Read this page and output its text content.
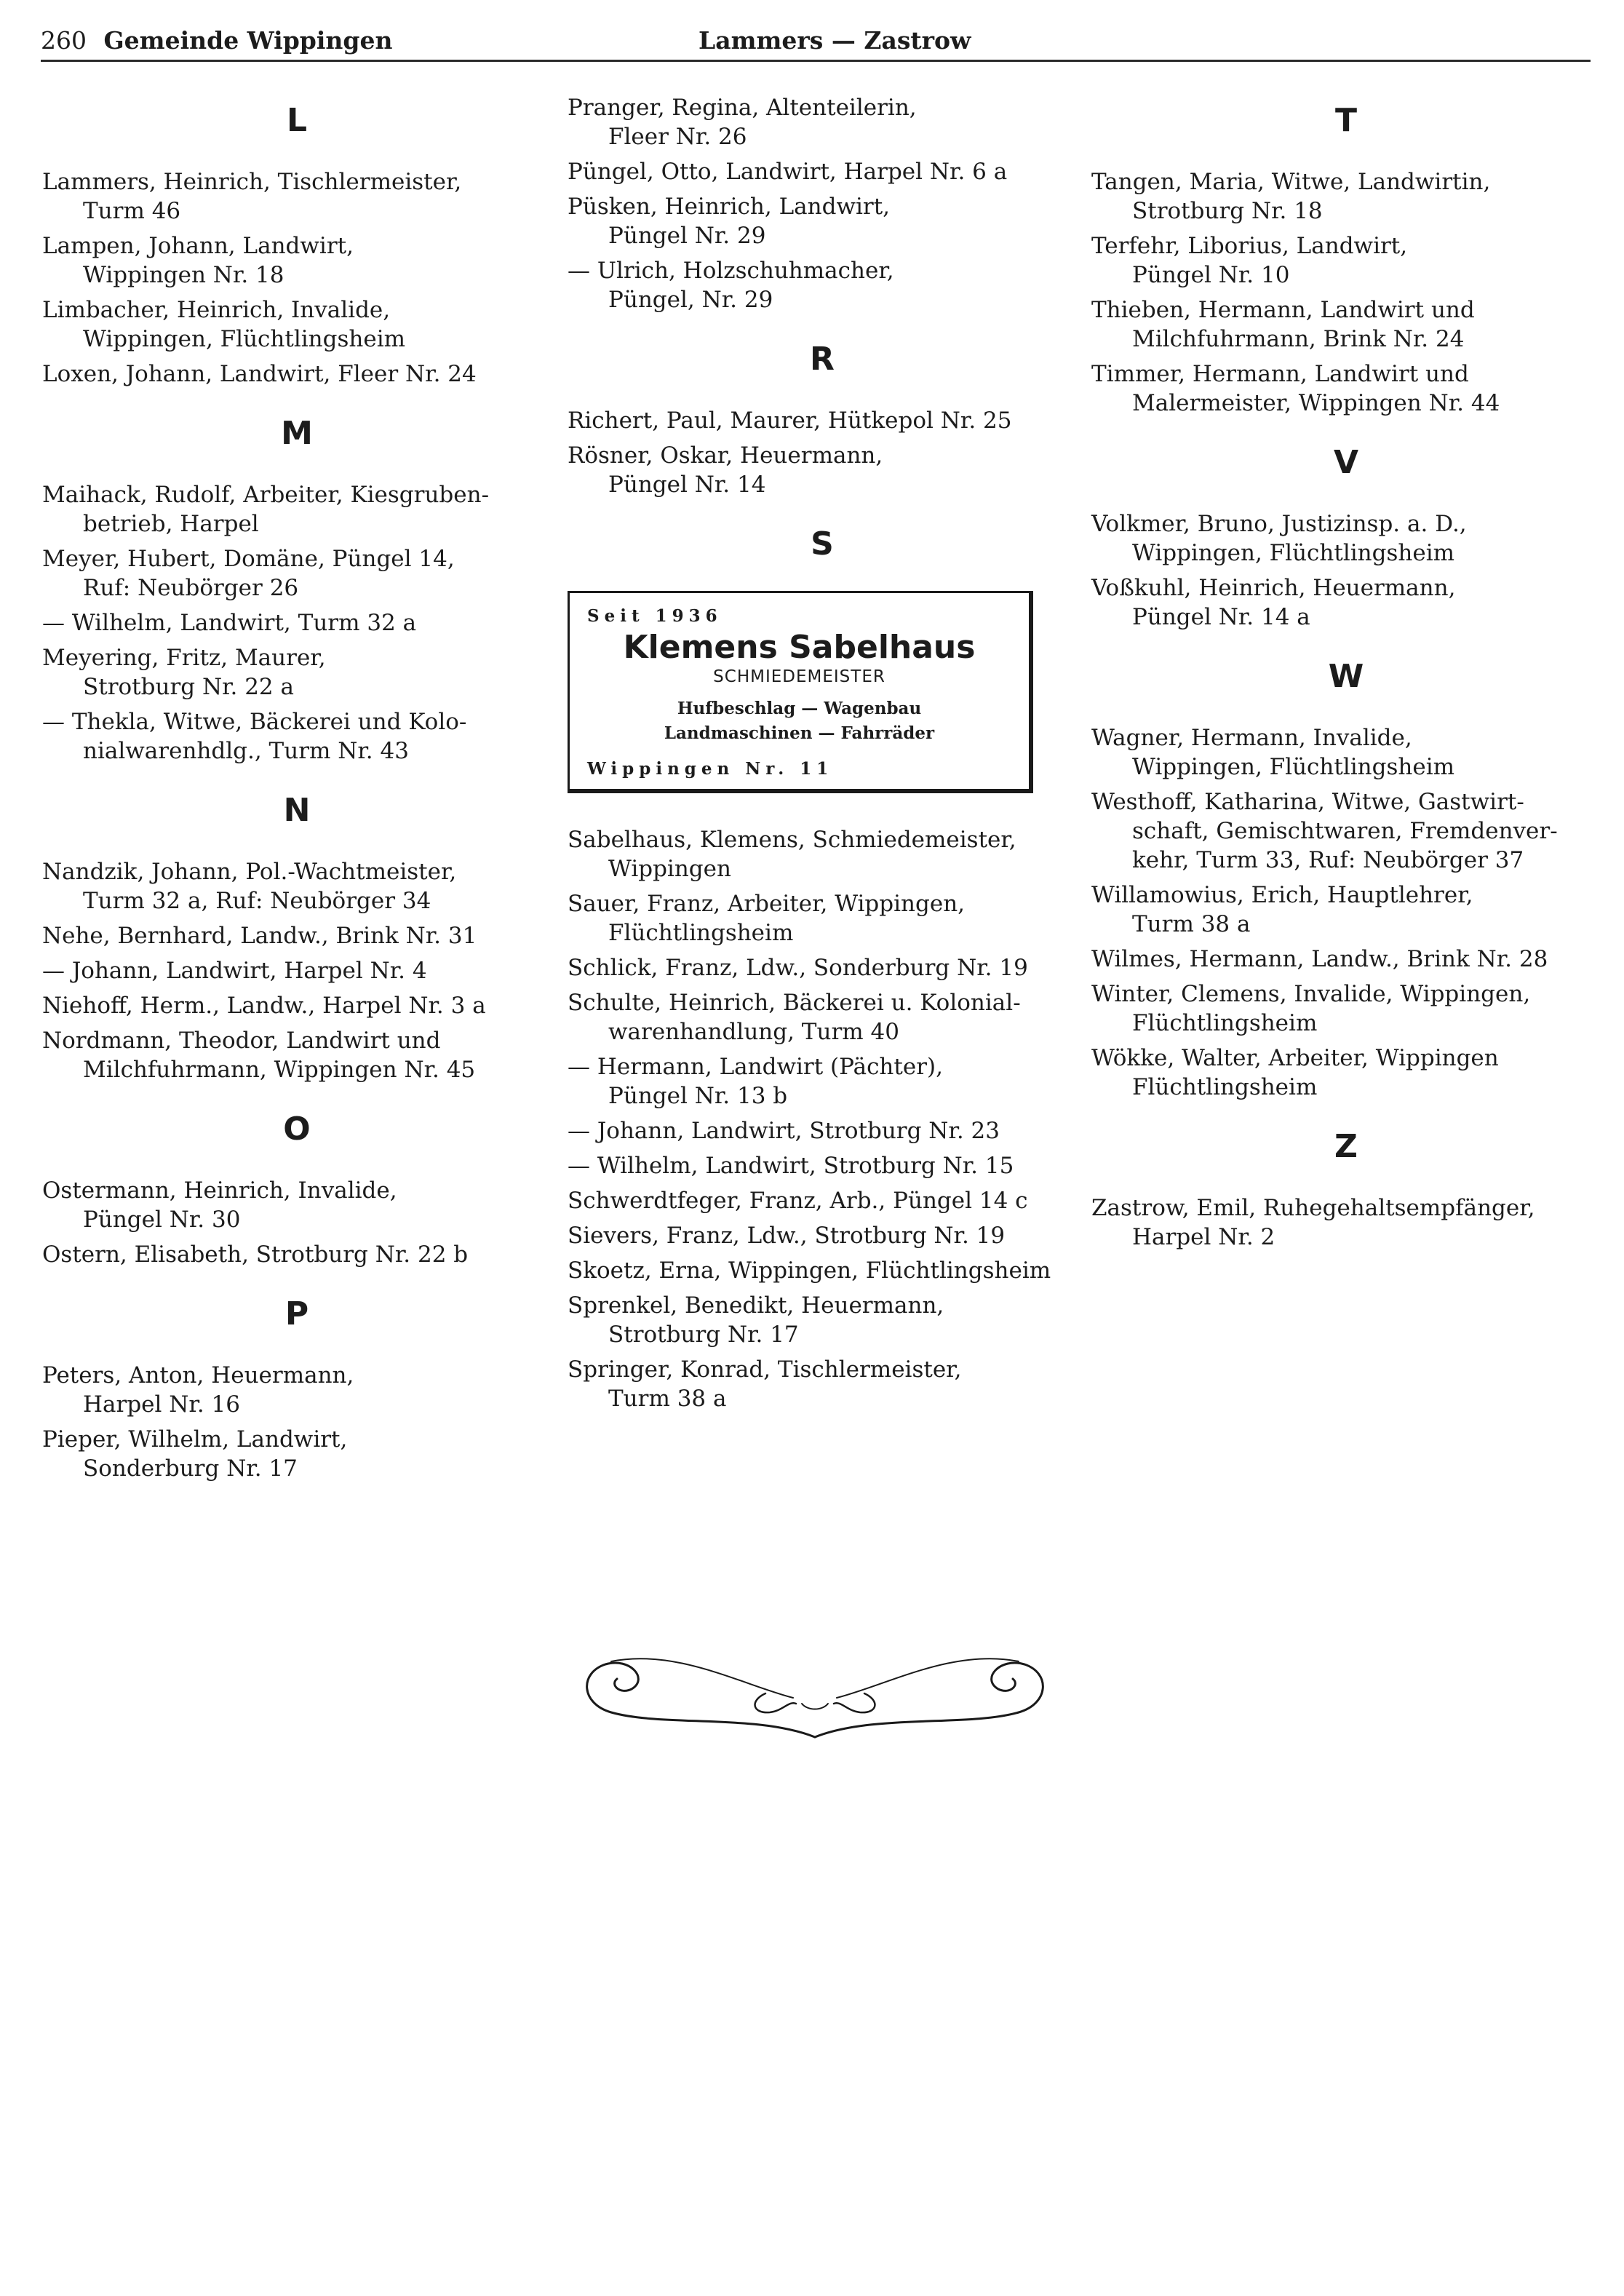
260 Gemeinde Wippingen	Lammers — Zastrow
L
Lammers, Heinrich, Tischlermeister,
Turm 46
Lampen, Johann, Landwirt,
Wippingen Nr. 18
Limbacher, Heinrich, Invalide,
Wippingen, Flüchtlingsheim
Loxen, Johann, Landwirt, Fleer Nr. 24
M
Maihack, Rudolf, Arbeiter, Kiesgruben-
betrieb, Harpel
Meyer, Hubert, Domäne, Püngel 14,
Ruf: Neubörger 26
— Wilhelm, Landwirt, Turm 32 a
Meyering, Fritz, Maurer,
Strotburg Nr. 22 a
— Thekla, Witwe, Bäckerei und Kolo-
nialwarenhdlg., Turm Nr. 43
N
Nandzik, Johann, Pol.-Wachtmeister,
Turm 32 a, Ruf: Neubörger 34
Nehe, Bernhard, Landw., Brink Nr. 31
— Johann, Landwirt, Harpel Nr. 4
Niehoff, Herm., Landw., Harpel Nr. 3 a
Nordmann, Theodor, Landwirt und
Milchfuhrmann, Wippingen Nr. 45
O
Ostermann, Heinrich, Invalide,
Püngel Nr. 30
Ostern, Elisabeth, Strotburg Nr. 22 b
P
Peters, Anton, Heuermann,
Harpel Nr. 16
Pieper, Wilhelm, Landwirt,
Sonderburg Nr. 17
Pranger, Regina, Altenteilerin,
Fleer Nr. 26
Püngel, Otto, Landwirt, Harpel Nr. 6 a
Püsken, Heinrich, Landwirt,
Püngel Nr. 29
— Ulrich, Holzschuhmacher,
Püngel, Nr. 29
R
Richert, Paul, Maurer, Hütkepol Nr. 25
Rösner, Oskar, Heuermann,
Püngel Nr. 14
S
Seit 1936
Klemens Sabelhaus
SCHMIEDEMEISTER
Hufbeschlag — Wagenbau
Landmaschinen — Fahrräder
Wippingen Nr. 11
Sabelhaus, Klemens, Schmiedemeister,
Wippingen
Sauer, Franz, Arbeiter, Wippingen,
Flüchtlingsheim
Schlick, Franz, Ldw., Sonderburg Nr. 19
Schulte, Heinrich, Bäckerei u. Kolonial-
warenhandlung, Turm 40
— Hermann, Landwirt (Pächter),
Püngel Nr. 13 b
— Johann, Landwirt, Strotburg Nr. 23
— Wilhelm, Landwirt, Strotburg Nr. 15
Schwerdtfeger, Franz, Arb., Püngel 14 c
Sievers, Franz, Ldw., Strotburg Nr. 19
Skoetz, Erna, Wippingen, Flüchtlingsheim
Sprenkel, Benedikt, Heuermann,
Strotburg Nr. 17
Springer, Konrad, Tischlermeister,
Turm 38 a
T
Tangen, Maria, Witwe, Landwirtin,
Strotburg Nr. 18
Terfehr, Liborius, Landwirt,
Püngel Nr. 10
Thieben, Hermann, Landwirt und
Milchfuhrmann, Brink Nr. 24
Timmer, Hermann, Landwirt und
Malermeister, Wippingen Nr. 44
V
Volkmer, Bruno, Justizinsp. a. D.,
Wippingen, Flüchtlingsheim
Voßkuhl, Heinrich, Heuermann,
Püngel Nr. 14 a
W
Wagner, Hermann, Invalide,
Wippingen, Flüchtlingsheim
Westhoff, Katharina, Witwe, Gastwirt-
schaft, Gemischtwaren, Fremdenver-
kehr, Turm 33, Ruf: Neubörger 37
Willamowius, Erich, Hauptlehrer,
Turm 38 a
Wilmes, Hermann, Landw., Brink Nr. 28
Winter, Clemens, Invalide, Wippingen,
Flüchtlingsheim
Wökke, Walter, Arbeiter, Wippingen
Flüchtlingsheim
Z
Zastrow, Emil, Ruhegehaltsempfänger,
Harpel Nr. 2
